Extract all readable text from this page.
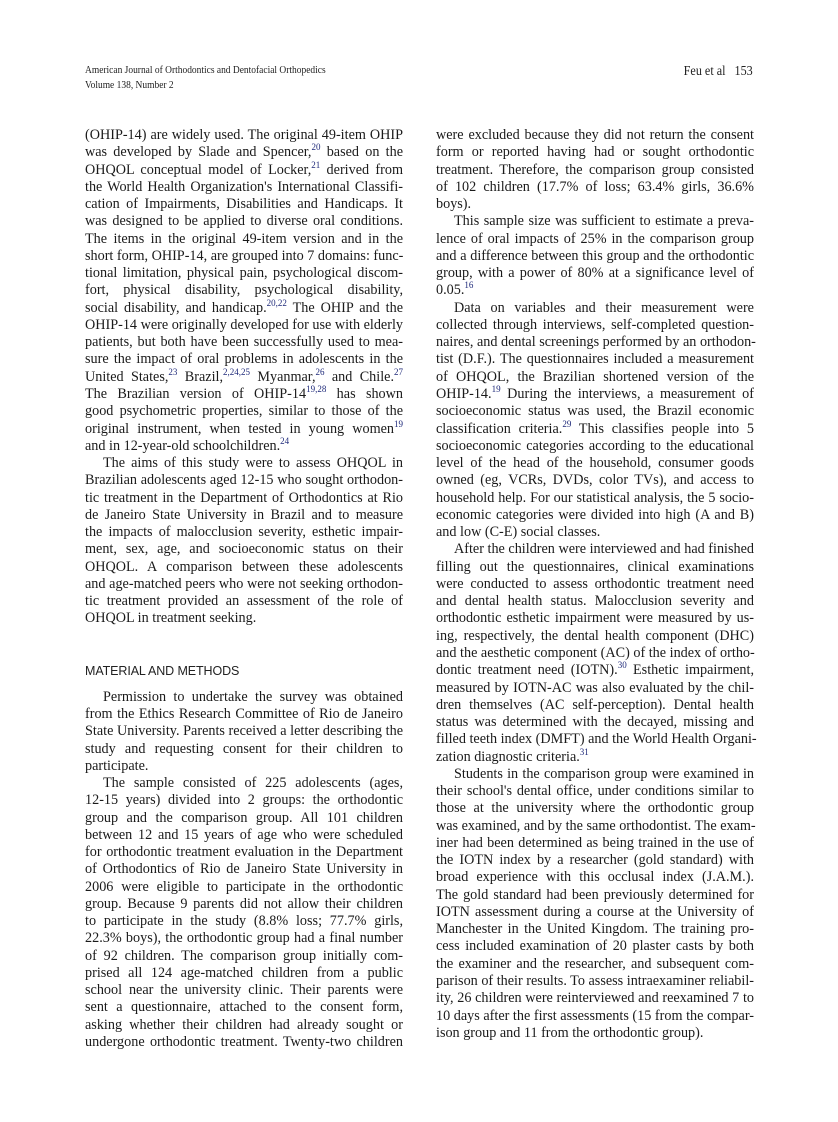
American Journal of Orthodontics and Dentofacial Orthopedics
Volume 138, Number 2
Feu et al 153
(OHIP-14) are widely used. The original 49-item OHIP
was developed by Slade and Spencer,$^{20}$ based on the
OHQOL conceptual model of Locker,$^{21}$ derived from
the World Health Organization's International Classifi-
cation of Impairments, Disabilities and Handicaps. It
was designed to be applied to diverse oral conditions.
The items in the original 49-item version and in the
short form, OHIP-14, are grouped into 7 domains: func-
tional limitation, physical pain, psychological discom-
fort, physical disability, psychological disability,
social disability, and handicap.$^{20,22}$ The OHIP and the
OHIP-14 were originally developed for use with elderly
patients, but both have been successfully used to mea-
sure the impact of oral problems in adolescents in the
United States,$^{23}$ Brazil,$^{2,24,25}$ Myanmar,$^{26}$ and Chile.$^{27}$
The Brazilian version of OHIP-14$^{19,28}$ has shown
good psychometric properties, similar to those of the
original instrument, when tested in young women$^{19}$
and in 12-year-old schoolchildren.$^{24}$
The aims of this study were to assess OHQOL in
Brazilian adolescents aged 12-15 who sought orthodon-
tic treatment in the Department of Orthodontics at Rio
de Janeiro State University in Brazil and to measure
the impacts of malocclusion severity, esthetic impair-
ment, sex, age, and socioeconomic status on their
OHQOL. A comparison between these adolescents
and age-matched peers who were not seeking orthodon-
tic treatment provided an assessment of the role of
OHQOL in treatment seeking.
MATERIAL AND METHODS
Permission to undertake the survey was obtained
from the Ethics Research Committee of Rio de Janeiro
State University. Parents received a letter describing the
study and requesting consent for their children to
participate.
The sample consisted of 225 adolescents (ages,
12-15 years) divided into 2 groups: the orthodontic
group and the comparison group. All 101 children
between 12 and 15 years of age who were scheduled
for orthodontic treatment evaluation in the Department
of Orthodontics of Rio de Janeiro State University in
2006 were eligible to participate in the orthodontic
group. Because 9 parents did not allow their children
to participate in the study (8.8% loss; 77.7% girls,
22.3% boys), the orthodontic group had a final number
of 92 children. The comparison group initially com-
prised all 124 age-matched children from a public
school near the university clinic. Their parents were
sent a questionnaire, attached to the consent form,
asking whether their children had already sought or
undergone orthodontic treatment. Twenty-two children
were excluded because they did not return the consent
form or reported having had or sought orthodontic
treatment. Therefore, the comparison group consisted
of 102 children (17.7% of loss; 63.4% girls, 36.6%
boys).
This sample size was sufficient to estimate a preva-
lence of oral impacts of 25% in the comparison group
and a difference between this group and the orthodontic
group, with a power of 80% at a significance level of
0.05.16
Data on variables and their measurement were
collected through interviews, self-completed question-
naires, and dental screenings performed by an orthodon-
tist (D.F.). The questionnaires included a measurement
of OHQOL, the Brazilian shortened version of the
OHIP-14.19 During the interviews, a measurement of
socioeconomic status was used, the Brazil economic
classification criteria.$^{29}$ This classifies people into 5
socioeconomic categories according to the educational
level of the head of the household, consumer goods
owned (eg, VCRs, DVDs, color TVs), and access to
household help. For our statistical analysis, the 5 socio-
economic categories were divided into high (A and B)
and low (C-E) social classes.
After the children were interviewed and had finished
filling out the questionnaires, clinical examinations
were conducted to assess orthodontic treatment need
and dental health status. Malocclusion severity and
orthodontic esthetic impairment were measured by us-
ing, respectively, the dental health component (DHC)
and the aesthetic component (AC) of the index of ortho-
dontic treatment need (IOTN).$^{30}$ Esthetic impairment,
measured by IOTN-AC was also evaluated by the chil-
dren themselves (AC self-perception). Dental health
status was determined with the decayed, missing and
filled teeth index (DMFT) and the World Health Organi-
zation diagnostic criteria.$^{31}$
Students in the comparison group were examined in
their school's dental office, under conditions similar to
those at the university where the orthodontic group
was examined, and by the same orthodontist. The exam-
iner had been determined as being trained in the use of
the IOTN index by a researcher (gold standard) with
broad experience with this occlusal index (J.A.M.).
The gold standard had been previously determined for
IOTN assessment during a course at the University of
Manchester in the United Kingdom. The training pro-
cess included examination of 20 plaster casts by both
the examiner and the researcher, and subsequent com-
parison of their results. To assess intraexaminer reliabil-
ity, 26 children were reinterviewed and reexamined 7 to
10 days after the first assessments (15 from the compar-
ison group and 11 from the orthodontic group).
